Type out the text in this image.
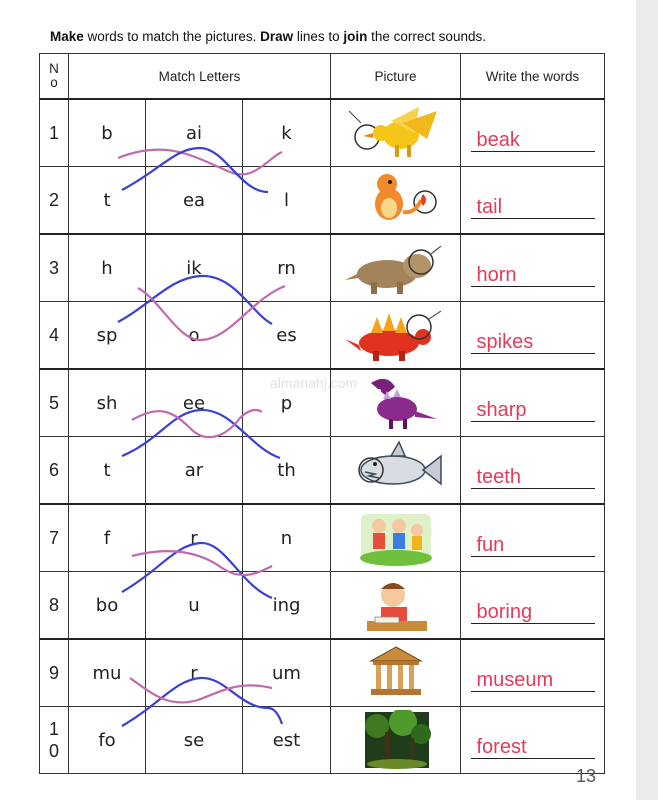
Make words to match the pictures. Draw lines to join the correct sounds.
N
o	Match Letters			Picture	Write the words
1	b	ai	k		beak
2	t	ea	l		tail
3	h	ik	rn		horn
4	sp	o	es		spikes
5	sh	ee	p		sharp
6	t	ar	th		teeth
7	f	r	n		fun
8	bo	u	ing		boring
9	mu	r	um		museum
1
0	fo	se	est		forest
almanahj.com
13
